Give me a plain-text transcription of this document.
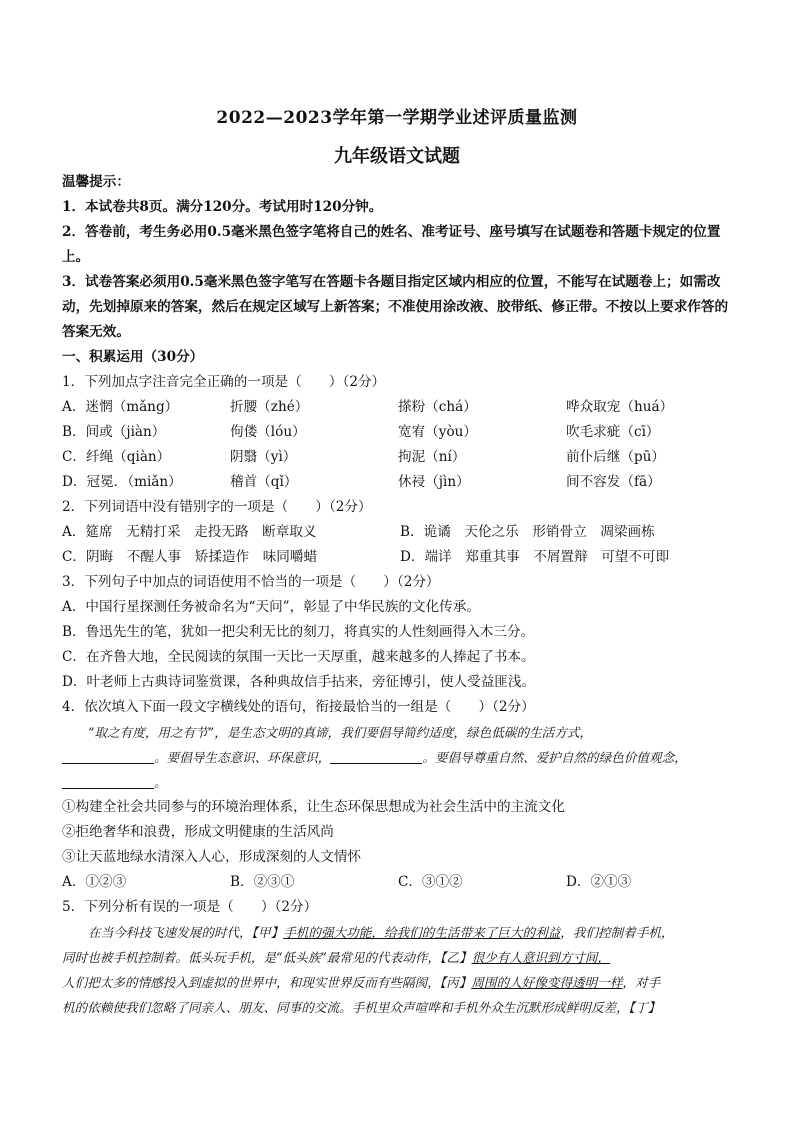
2022—2023学年第一学期学业述评质量监测
九年级语文试题
温馨提示：
1．本试卷共8页。满分120分。考试用时120分钟。
2．答卷前，考生务必用0.5毫米黑色签字笔将自己的姓名、准考证号、座号填写在试题卷和答题卡规定的位置上。
3．试卷答案必须用0.5毫米黑色签字笔写在答题卡各题目指定区域内相应的位置，不能写在试题卷上；如需改动，先划掉原来的答案，然后在规定区域写上新答案；不准使用涂改液、胶带纸、修正带。不按以上要求作答的答案无效。
一、积累运用（30分）
1．下列加点字注音完全正确的一项是（　　）（2分）
A．迷惘（mǎng）	折腰（zhé）	搽粉（chá）	哗众取宠（huá）
B．间或（jiàn）	佝偻（lóu）	宽宥（yòu）	吹毛求疵（cī）
C．纤绳（qiàn）	阴翳（yì）	拘泥（ní）	前仆后继（pū）
D．冠冕．（miǎn）	稽首（qǐ）	休祲（jìn）	间不容发（fā）
2．下列词语中没有错别字的一项是（　　）（2分）
A．筵席　无精打采　走投无路　断章取义	B．诡谲　天伦之乐　形销骨立　凋梁画栋
C．阴晦　不醒人事　矫揉造作　味同嚼蜡	D．端详　郑重其事　不屑置辩　可望不可即
3．下列句子中加点的词语使用不恰当的一项是（　　）（2分）
A．中国行星探测任务被命名为“天问”，彰显了中华民族的文化传承。
B．鲁迅先生的笔，犹如一把尖利无比的刻刀，将真实的人性刻画得入木三分。
C．在齐鲁大地，全民阅读的氛围一天比一天厚重，越来越多的人捧起了书本。
D．叶老师上古典诗词鉴赏课，各种典故信手拈来，旁征博引，使人受益匪浅。
4．依次填入下面一段文字横线处的语句，衔接最恰当的一组是（　　）（2分）
“取之有度，用之有节”，是生态文明的真谛，我们要倡导简约适度，绿色低碳的生活方式，
。要倡导生态意识、环保意识，	。要倡导尊重自然、爱护自然的绿色价值观念，
。
①构建全社会共同参与的环境治理体系，让生态环保思想成为社会生活中的主流文化
②拒绝奢华和浪费，形成文明健康的生活风尚
③让天蓝地绿水清深入人心，形成深刻的人文情怀
A．①②③	B．②③①	C．③①②	D．②①③
5．下列分析有误的一项是（　　）（2分）
在当今科技飞速发展的时代，【甲】手机的强大功能，给我们的生活带来了巨大的利益，我们控制着手机，
同时也被手机控制着。低头玩手机，是“低头族”最常见的代表动作，【乙】很少有人意识到方寸间，
人们把太多的情感投入到虚拟的世界中，和现实世界反而有些隔阂，【丙】周围的人好像变得透明一样，对手
机的依赖使我们忽略了同亲人、朋友、同事的交流。手机里众声喧哗和手机外众生沉默形成鲜明反差，【丁】
